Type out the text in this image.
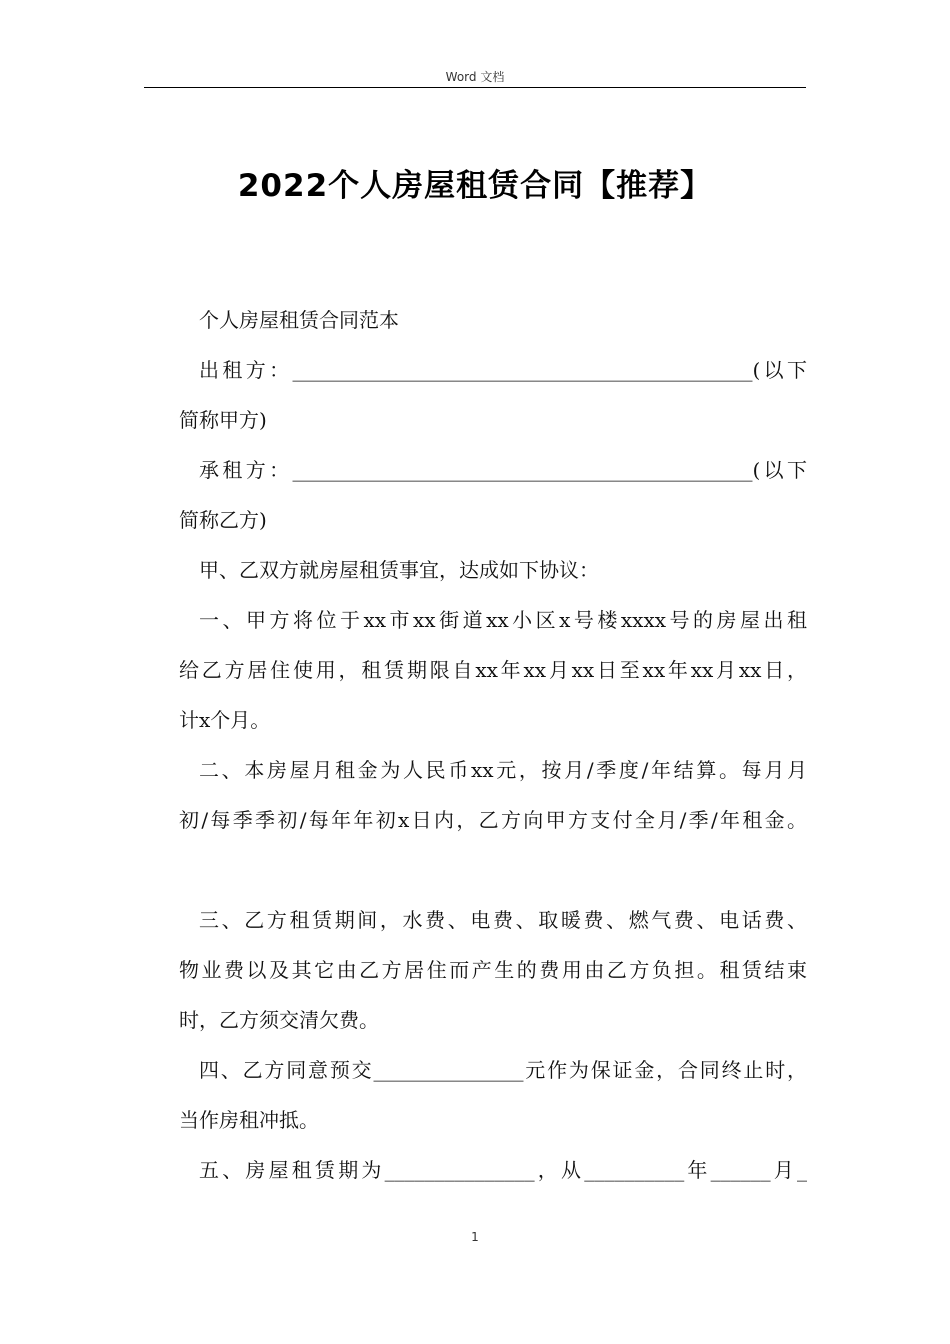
Word 文档
2022个人房屋租赁合同【推荐】
个人房屋租赁合同范本
出租方：______________________________________________(以下
简称甲方)
承租方：______________________________________________(以下
简称乙方)
甲、乙双方就房屋租赁事宜，达成如下协议：
一、甲方将位于xx市xx街道xx小区x号楼xxxx号的房屋出租
给乙方居住使用，租赁期限自xx年xx月xx日至xx年xx月xx日，
计x个月。
二、本房屋月租金为人民币xx元，按月/季度/年结算。每月月
初/每季季初/每年年初x日内，乙方向甲方支付全月/季/年租金。
三、乙方租赁期间，水费、电费、取暖费、燃气费、电话费、
物业费以及其它由乙方居住而产生的费用由乙方负担。租赁结束
时，乙方须交清欠费。
四、乙方同意预交_______________元作为保证金，合同终止时，
当作房租冲抵。
五、房屋租赁期为_______________，从__________年______月_
1
